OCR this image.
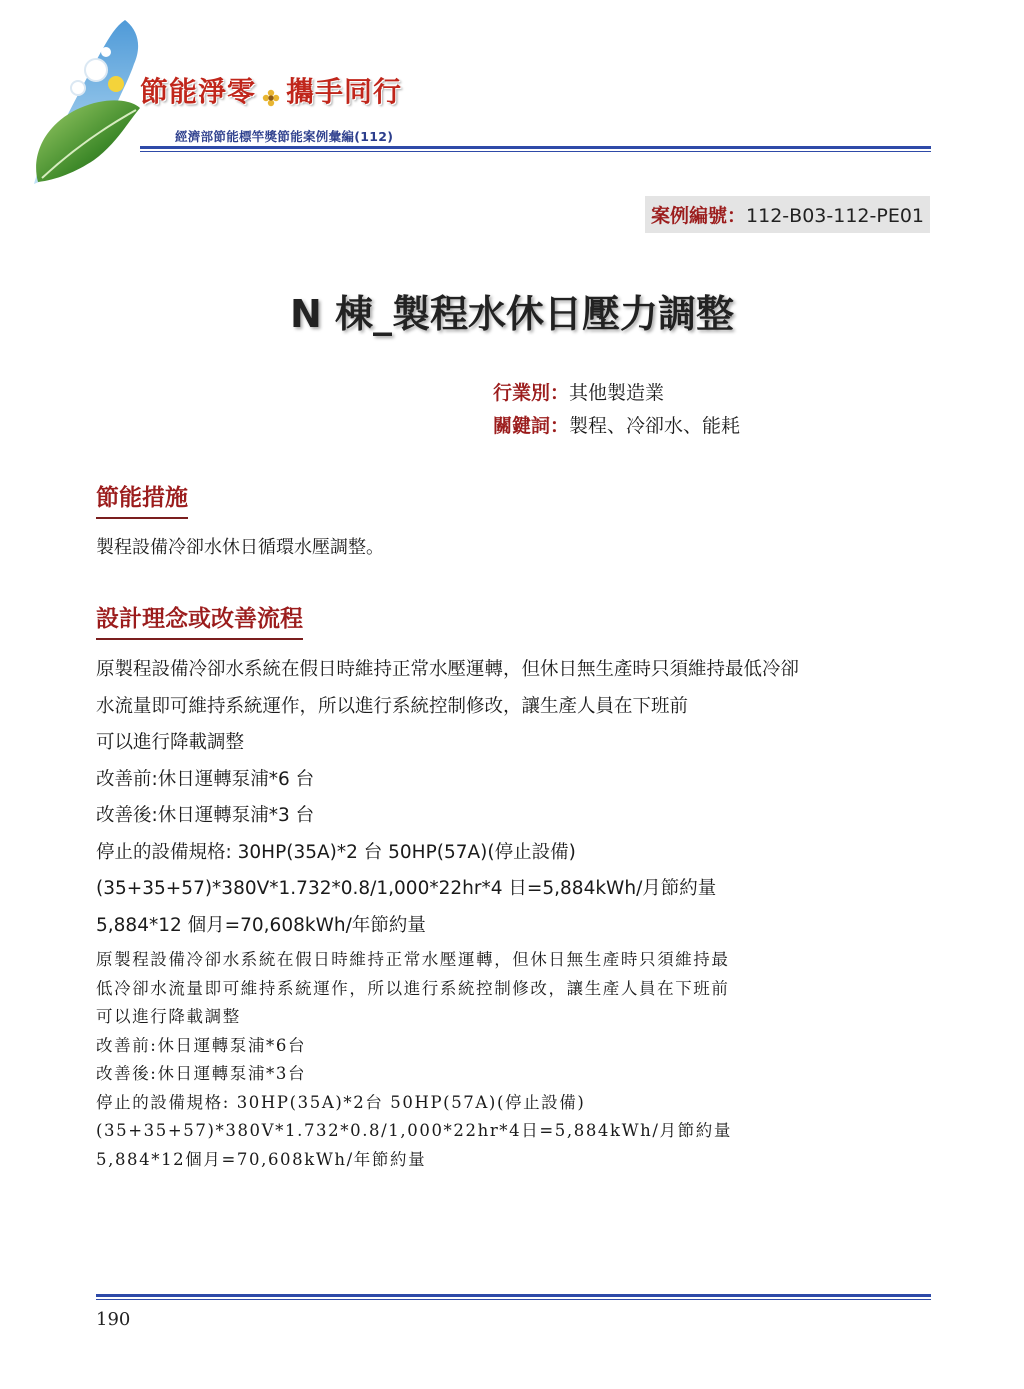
節能淨零 攜手同行
經濟部節能標竿獎節能案例彙編(112)
案例編號：112-B03-112-PE01
N 棟_製程水休日壓力調整
行業別：其他製造業
關鍵詞：製程、冷卻水、能耗
節能措施
製程設備冷卻水休日循環水壓調整。
設計理念或改善流程
原製程設備冷卻水系統在假日時維持正常水壓運轉，但休日無生產時只須維持最低冷卻
水流量即可維持系統運作，所以進行系統控制修改，讓生產人員在下班前
可以進行降載調整
改善前:休日運轉泵浦*6 台
改善後:休日運轉泵浦*3 台
停止的設備規格: 30HP(35A)*2 台 50HP(57A)(停止設備)
(35+35+57)*380V*1.732*0.8/1,000*22hr*4 日=5,884kWh/月節約量
5,884*12 個月=70,608kWh/年節約量
原製程設備冷卻水系統在假日時維持正常水壓運轉，但休日無生產時只須維持最
低冷卻水流量即可維持系統運作，所以進行系統控制修改，讓生產人員在下班前
可以進行降載調整
改善前:休日運轉泵浦*6台
改善後:休日運轉泵浦*3台
停止的設備規格: 30HP(35A)*2台 50HP(57A)(停止設備)
(35+35+57)*380V*1.732*0.8/1,000*22hr*4日=5,884kWh/月節約量
5,884*12個月=70,608kWh/年節約量
190
